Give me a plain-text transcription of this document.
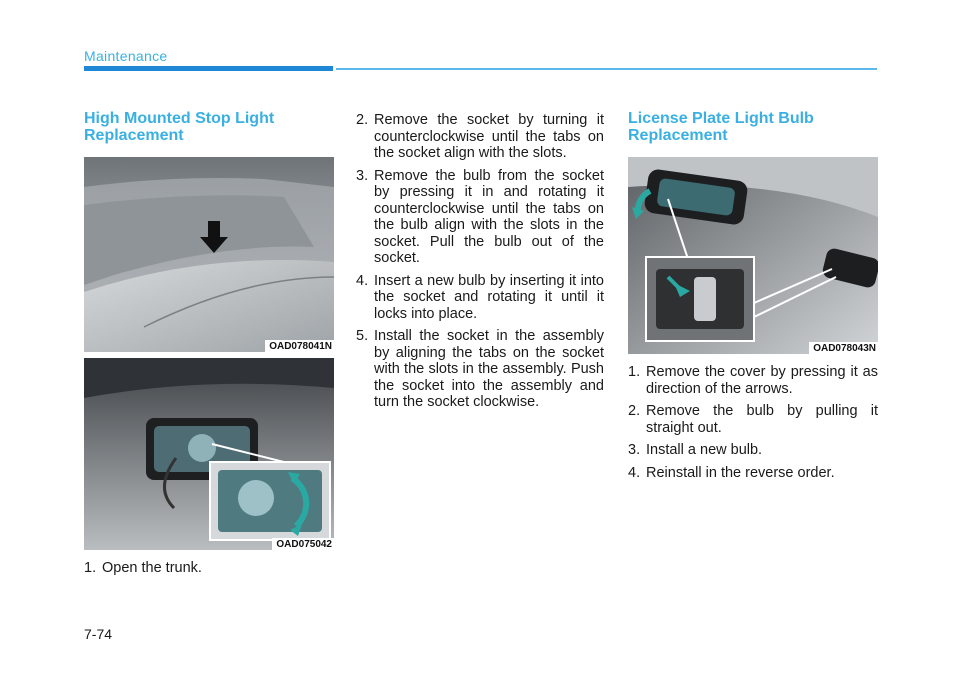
Maintenance
High Mounted Stop Light
Replacement
OAD078041N
OAD075042
1. Open the trunk.
2. Remove the socket by turning it counterclockwise until the tabs on the socket align with the slots.
3. Remove the bulb from the socket by pressing it in and rotating it counterclockwise until the tabs on the bulb align with the slots in the socket. Pull the bulb out of the socket.
4. Insert a new bulb by inserting it into the socket and rotating it until it locks into place.
5. Install the socket in the assembly by aligning the tabs on the socket with the slots in the assembly. Push the socket into the assembly and turn the socket clockwise.
License Plate Light Bulb
Replacement
OAD078043N
1. Remove the cover by pressing it as direction of the arrows.
2. Remove the bulb by pulling it straight out.
3. Install a new bulb.
4. Reinstall in the reverse order.
7-74
